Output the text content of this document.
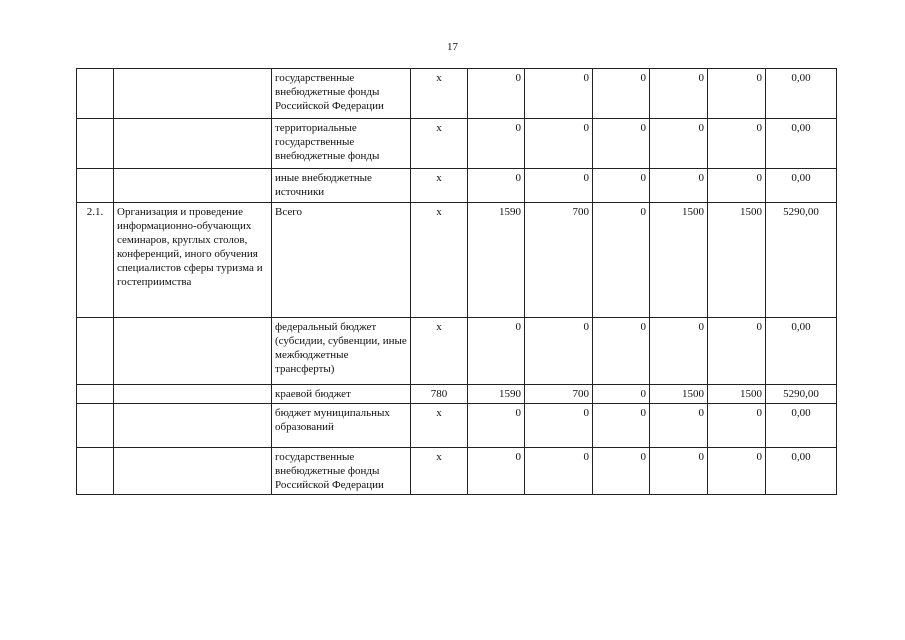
17
		государственные внебюджетные фонды Российской Федерации	х	0	0	0	0	0	0,00
		территориальные государственные внебюджетные фонды	х	0	0	0	0	0	0,00
		иные внебюджетные источники	х	0	0	0	0	0	0,00
2.1.	Организация и проведение информационно-обучающих семинаров, круглых столов, конференций, иного обучения специалистов сферы туризма и гостеприимства	Всего	х	1590	700	0	1500	1500	5290,00
		федеральный бюджет (субсидии, субвенции, иные межбюджетные трансферты)	х	0	0	0	0	0	0,00
		краевой бюджет	780	1590	700	0	1500	1500	5290,00
		бюджет муниципальных образований	х	0	0	0	0	0	0,00
		государственные внебюджетные фонды Российской Федерации	х	0	0	0	0	0	0,00
